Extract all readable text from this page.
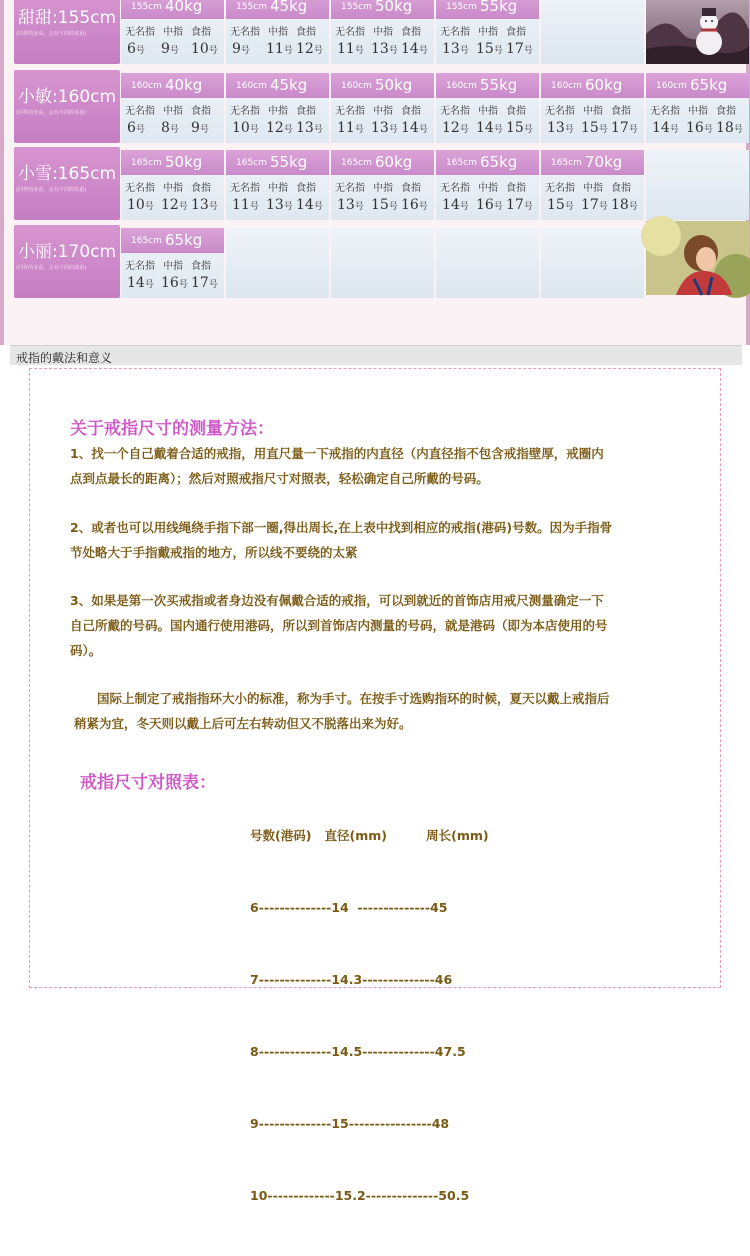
甜甜:155cm
(同样的身高，会有不同的体重)
155cm 40kg
无名指
6号
中指
9号
食指
10号
155cm 45kg
无名指
9号
中指
11号
食指
12号
155cm 50kg
无名指
11号
中指
13号
食指
14号
155cm 55kg
无名指
13号
中指
15号
食指
17号
小敏:160cm
(同样的身高，会有不同的体重)
160cm 40kg
无名指
6号
中指
8号
食指
9号
160cm 45kg
无名指
10号
中指
12号
食指
13号
160cm 50kg
无名指
11号
中指
13号
食指
14号
160cm 55kg
无名指
12号
中指
14号
食指
15号
160cm 60kg
无名指
13号
中指
15号
食指
17号
160cm 65kg
无名指
14号
中指
16号
食指
18号
小雪:165cm
(同样的身高，会有不同的体重)
165cm 50kg
无名指
10号
中指
12号
食指
13号
165cm 55kg
无名指
11号
中指
13号
食指
14号
165cm 60kg
无名指
13号
中指
15号
食指
16号
165cm 65kg
无名指
14号
中指
16号
食指
17号
165cm 70kg
无名指
15号
中指
17号
食指
18号
小丽:170cm
(同样的身高，会有不同的体重)
165cm 65kg
无名指
14号
中指
16号
食指
17号
戒指的戴法和意义
关于戒指尺寸的测量方法：
1、找一个自己戴着合适的戒指，用直尺量一下戒指的内直径（内直径指不包含戒指壁厚，戒圈内
点到点最长的距离）；然后对照戒指尺寸对照表，轻松确定自己所戴的号码。
2、或者也可以用线绳绕手指下部一圈,得出周长,在上表中找到相应的戒指(港码)号数。因为手指骨
节处略大于手指戴戒指的地方，所以线不要绕的太紧
3、如果是第一次买戒指或者身边没有佩戴合适的戒指，可以到就近的首饰店用戒尺测量确定一下
自己所戴的号码。国内通行使用港码，所以到首饰店内测量的号码，就是港码（即为本店使用的号
码）。
国际上制定了戒指指环大小的标准，称为手寸。在按手寸选购指环的时候，夏天以戴上戒指后
稍紧为宜，冬天则以戴上后可左右转动但又不脱落出来为好。
戒指尺寸对照表：
号数(港码)   直径(mm)         周长(mm)

6--------------14  --------------45

7--------------14.3--------------46

8--------------14.5--------------47.5

9--------------15----------------48

10-------------15.2--------------50.5
